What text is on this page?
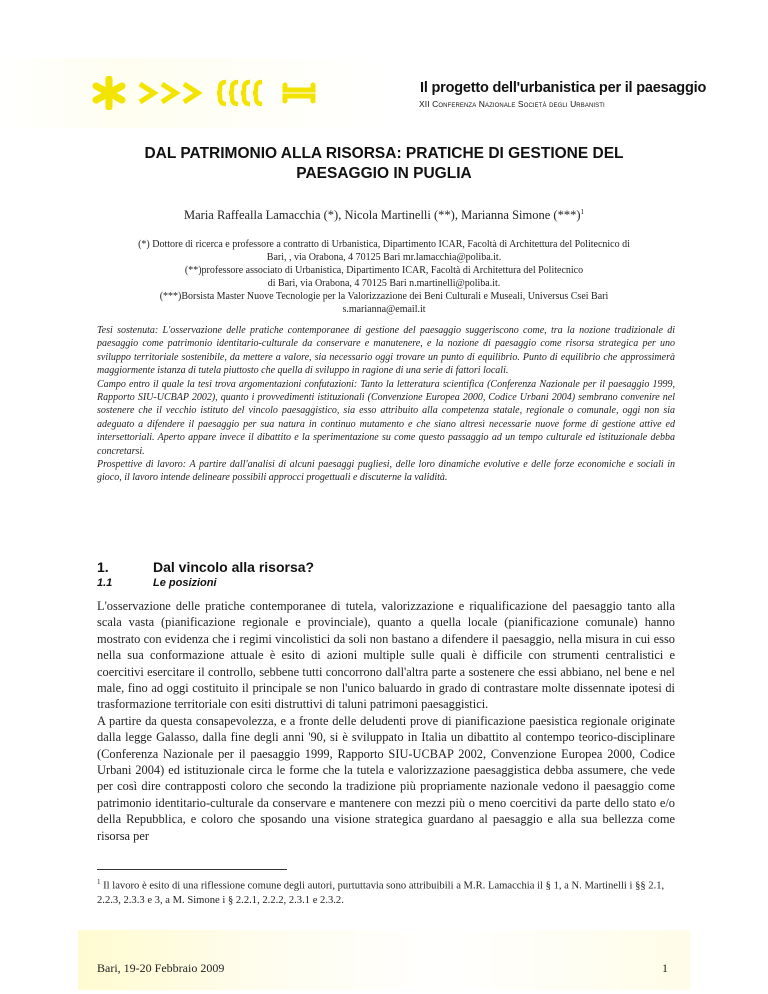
Il progetto dell'urbanistica per il paesaggio
XII Conferenza Nazionale Società degli Urbanisti
DAL PATRIMONIO ALLA RISORSA: PRATICHE DI GESTIONE DEL
PAESAGGIO IN PUGLIA
Maria Raffealla Lamacchia (*), Nicola Martinelli (**), Marianna Simone $(***)^1$
(*) Dottore di ricerca e professore a contratto di Urbanistica, Dipartimento ICAR, Facoltà di Architettura del Politecnico di
Bari, , via Orabona, 4 70125 Bari mr.lamacchia@poliba.it.
(**)professore associato di Urbanistica, Dipartimento ICAR, Facoltà di Architettura del Politecnico
di Bari, via Orabona, 4 70125 Bari n.martinelli@poliba.it.
(***)Borsista Master Nuove Tecnologie per la Valorizzazione dei Beni Culturali e Museali, Universus Csei Bari
s.marianna@email.it

Tesi sostenuta: L'osservazione delle pratiche contemporanee di gestione del paesaggio suggeriscono come, tra la nozione tradizionale di paesaggio come patrimonio identitario-culturale da conservare e manutenere, e la nozione di paesaggio come risorsa strategica per uno sviluppo territoriale sostenibile, da mettere a valore, sia necessario oggi trovare un punto di equilibrio. Punto di equilibrio che approssimerà maggiormente istanza di tutela piuttosto che quella di sviluppo in ragione di una serie di fattori locali.

Campo entro il quale la tesi trova argomentazioni confutazioni: Tanto la letteratura scientifica (Conferenza Nazionale per il paesaggio 1999, Rapporto SIU-UCBAP 2002), quanto i provvedimenti istituzionali (Convenzione Europea 2000, Codice Urbani 2004) sembrano convenire nel sostenere che il vecchio istituto del vincolo paesaggistico, sia esso attribuito alla competenza statale, regionale o comunale, oggi non sia adeguato a difendere il paesaggio per sua natura in continuo mutamento e che siano altresì necessarie nuove forme di gestione attive ed intersettoriali. Aperto appare invece il dibattito e la sperimentazione su come questo passaggio ad un tempo culturale ed istituzionale debba concretarsi.

Prospettive di lavoro: A partire dall'analisi di alcuni paesaggi pugliesi, delle loro dinamiche evolutive e delle forze economiche e sociali in gioco, il lavoro intende delineare possibili approcci progettuali e discuterne la validità.

1.	Dal vincolo alla risorsa?
1.1	Le posizioni

L'osservazione delle pratiche contemporanee di tutela, valorizzazione e riqualificazione del paesaggio tanto alla scala vasta (pianificazione regionale e provinciale), quanto a quella locale (pianificazione comunale) hanno mostrato con evidenza che i regimi vincolistici da soli non bastano a difendere il paesaggio, nella misura in cui esso nella sua conformazione attuale è esito di azioni multiple sulle quali è difficile con strumenti centralistici e coercitivi esercitare il controllo, sebbene tutti concorrono dall'altra parte a sostenere che essi abbiano, nel bene e nel male, fino ad oggi costituito il principale se non l'unico baluardo in grado di contrastare molte dissennate ipotesi di trasformazione territoriale con esiti distruttivi di taluni patrimoni paesaggistici.

A partire da questa consapevolezza, e a fronte delle deludenti prove di pianificazione paesistica regionale originate dalla legge Galasso, dalla fine degli anni '90, si è sviluppato in Italia un dibattito al contempo teorico-disciplinare (Conferenza Nazionale per il paesaggio 1999, Rapporto SIU-UCBAP 2002, Convenzione Europea 2000, Codice Urbani 2004) ed istituzionale circa le forme che la tutela e valorizzazione paesaggistica debba assumere, che vede per così dire contrapposti coloro che secondo la tradizione più propriamente nazionale vedono il paesaggio come patrimonio identitario-culturale da conservare e mantenere con mezzi più o meno coercitivi da parte dello stato e/o della Repubblica, e coloro che sposando una visione strategica guardano al paesaggio e alla sua bellezza come risorsa per

$^1$ Il lavoro è esito di una riflessione comune degli autori, purtuttavia sono attribuibili a M.R. Lamacchia il § 1, a N. Martinelli i §§ 2.1, 2.2.3, 2.3.3 e 3, a M. Simone i § 2.2.1, 2.2.2, 2.3.1 e 2.3.2.
Bari, 19-20 Febbraio 2009	1
